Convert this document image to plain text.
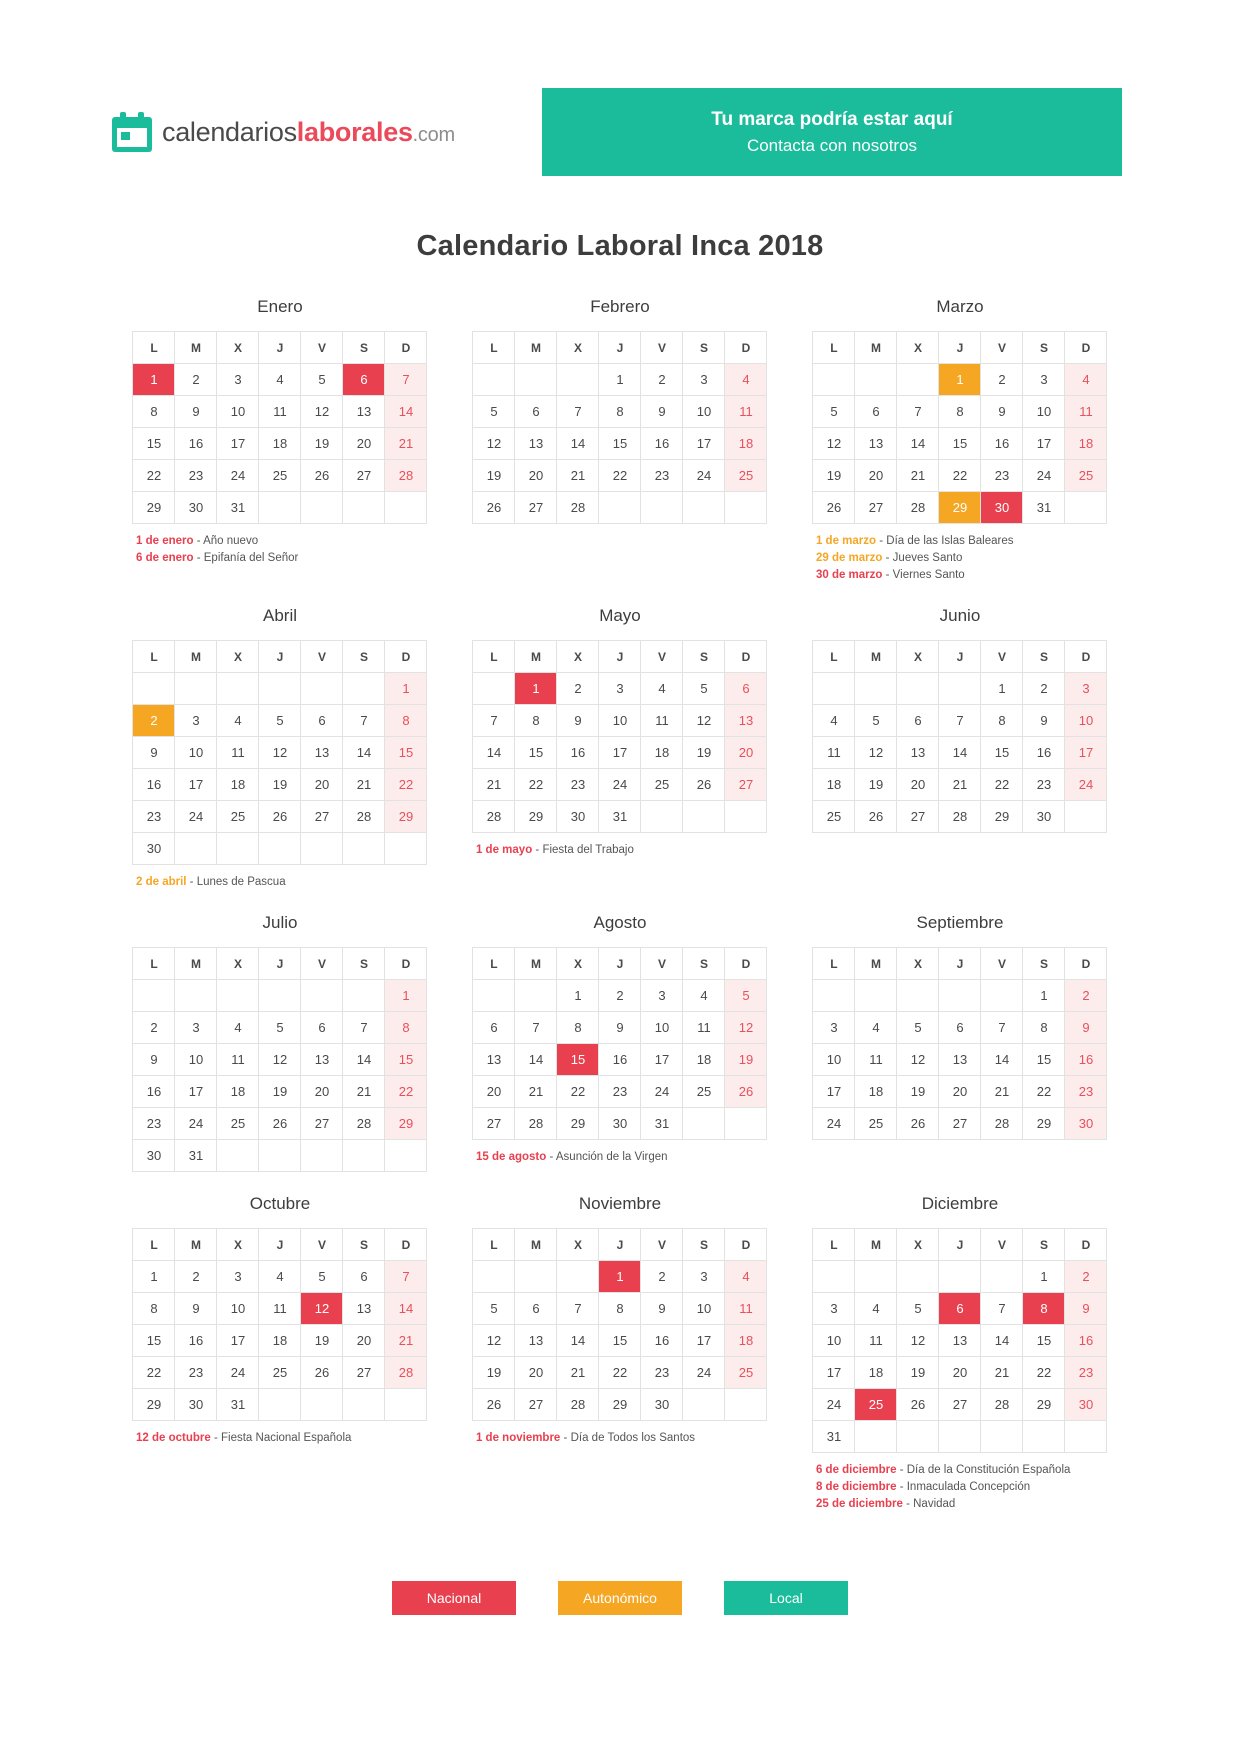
calendarioslaborales.com
Tu marca podría estar aquí
Contacta con nosotros
Calendario Laboral Inca 2018
Enero
L	M	X	J	V	S	D
1	2	3	4	5	6	7
8	9	10	11	12	13	14
15	16	17	18	19	20	21
22	23	24	25	26	27	28
29	30	31				
1 de enero - Año nuevo
6 de enero - Epifanía del Señor
Febrero
L	M	X	J	V	S	D
			1	2	3	4
5	6	7	8	9	10	11
12	13	14	15	16	17	18
19	20	21	22	23	24	25
26	27	28				
Marzo
L	M	X	J	V	S	D
			1	2	3	4
5	6	7	8	9	10	11
12	13	14	15	16	17	18
19	20	21	22	23	24	25
26	27	28	29	30	31	
1 de marzo - Día de las Islas Baleares
29 de marzo - Jueves Santo
30 de marzo - Viernes Santo
Abril
L	M	X	J	V	S	D
						1
2	3	4	5	6	7	8
9	10	11	12	13	14	15
16	17	18	19	20	21	22
23	24	25	26	27	28	29
30						
2 de abril - Lunes de Pascua
Mayo
L	M	X	J	V	S	D
	1	2	3	4	5	6
7	8	9	10	11	12	13
14	15	16	17	18	19	20
21	22	23	24	25	26	27
28	29	30	31			
1 de mayo - Fiesta del Trabajo
Junio
L	M	X	J	V	S	D
				1	2	3
4	5	6	7	8	9	10
11	12	13	14	15	16	17
18	19	20	21	22	23	24
25	26	27	28	29	30	
Julio
L	M	X	J	V	S	D
						1
2	3	4	5	6	7	8
9	10	11	12	13	14	15
16	17	18	19	20	21	22
23	24	25	26	27	28	29
30	31					
Agosto
L	M	X	J	V	S	D
		1	2	3	4	5
6	7	8	9	10	11	12
13	14	15	16	17	18	19
20	21	22	23	24	25	26
27	28	29	30	31		
15 de agosto - Asunción de la Virgen
Septiembre
L	M	X	J	V	S	D
					1	2
3	4	5	6	7	8	9
10	11	12	13	14	15	16
17	18	19	20	21	22	23
24	25	26	27	28	29	30
Octubre
L	M	X	J	V	S	D
1	2	3	4	5	6	7
8	9	10	11	12	13	14
15	16	17	18	19	20	21
22	23	24	25	26	27	28
29	30	31				
12 de octubre - Fiesta Nacional Española
Noviembre
L	M	X	J	V	S	D
			1	2	3	4
5	6	7	8	9	10	11
12	13	14	15	16	17	18
19	20	21	22	23	24	25
26	27	28	29	30		
1 de noviembre - Día de Todos los Santos
Diciembre
L	M	X	J	V	S	D
					1	2
3	4	5	6	7	8	9
10	11	12	13	14	15	16
17	18	19	20	21	22	23
24	25	26	27	28	29	30
31						
6 de diciembre - Día de la Constitución Española
8 de diciembre - Inmaculada Concepción
25 de diciembre - Navidad
Nacional	Autonómico	Local
